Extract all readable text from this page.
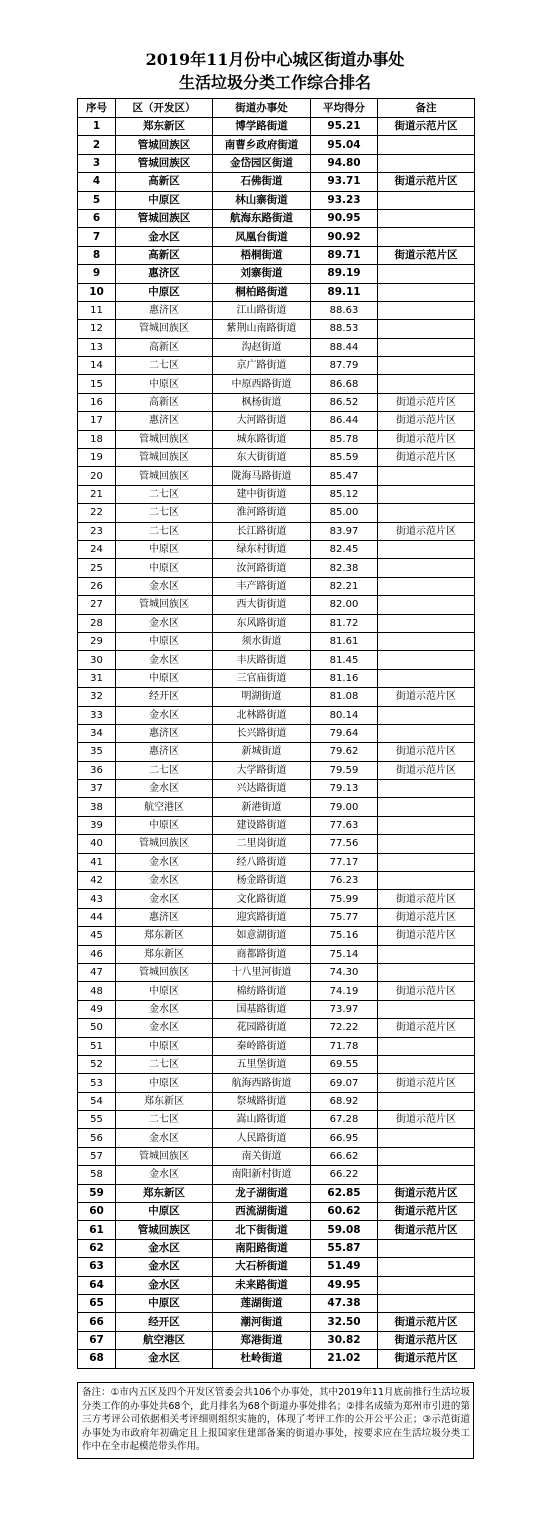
2019年11月份中心城区街道办事处
生活垃圾分类工作综合排名
序号	区（开发区）	街道办事处	平均得分	备注
1	郑东新区	博学路街道	95.21	街道示范片区
2	管城回族区	南曹乡政府街道	95.04	
3	管城回族区	金岱园区街道	94.80	
4	高新区	石佛街道	93.71	街道示范片区
5	中原区	林山寨街道	93.23	
6	管城回族区	航海东路街道	90.95	
7	金水区	凤凰台街道	90.92	
8	高新区	梧桐街道	89.71	街道示范片区
9	惠济区	刘寨街道	89.19	
10	中原区	桐柏路街道	89.11	
11	惠济区	江山路街道	88.63	
12	管城回族区	紫荆山南路街道	88.53	
13	高新区	沟赵街道	88.44	
14	二七区	京广路街道	87.79	
15	中原区	中原西路街道	86.68	
16	高新区	枫杨街道	86.52	街道示范片区
17	惠济区	大河路街道	86.44	街道示范片区
18	管城回族区	城东路街道	85.78	街道示范片区
19	管城回族区	东大街街道	85.59	街道示范片区
20	管城回族区	陇海马路街道	85.47	
21	二七区	建中街街道	85.12	
22	二七区	淮河路街道	85.00	
23	二七区	长江路街道	83.97	街道示范片区
24	中原区	绿东村街道	82.45	
25	中原区	汝河路街道	82.38	
26	金水区	丰产路街道	82.21	
27	管城回族区	西大街街道	82.00	
28	金水区	东风路街道	81.72	
29	中原区	须水街道	81.61	
30	金水区	丰庆路街道	81.45	
31	中原区	三官庙街道	81.16	
32	经开区	明湖街道	81.08	街道示范片区
33	金水区	北林路街道	80.14	
34	惠济区	长兴路街道	79.64	
35	惠济区	新城街道	79.62	街道示范片区
36	二七区	大学路街道	79.59	街道示范片区
37	金水区	兴达路街道	79.13	
38	航空港区	新港街道	79.00	
39	中原区	建设路街道	77.63	
40	管城回族区	二里岗街道	77.56	
41	金水区	经八路街道	77.17	
42	金水区	杨金路街道	76.23	
43	金水区	文化路街道	75.99	街道示范片区
44	惠济区	迎宾路街道	75.77	街道示范片区
45	郑东新区	如意湖街道	75.16	街道示范片区
46	郑东新区	商都路街道	75.14	
47	管城回族区	十八里河街道	74.30	
48	中原区	棉纺路街道	74.19	街道示范片区
49	金水区	国基路街道	73.97	
50	金水区	花园路街道	72.22	街道示范片区
51	中原区	秦岭路街道	71.78	
52	二七区	五里堡街道	69.55	
53	中原区	航海西路街道	69.07	街道示范片区
54	郑东新区	祭城路街道	68.92	
55	二七区	嵩山路街道	67.28	街道示范片区
56	金水区	人民路街道	66.95	
57	管城回族区	南关街道	66.62	
58	金水区	南阳新村街道	66.22	
59	郑东新区	龙子湖街道	62.85	街道示范片区
60	中原区	西流湖街道	60.62	街道示范片区
61	管城回族区	北下街街道	59.08	街道示范片区
62	金水区	南阳路街道	55.87	
63	金水区	大石桥街道	51.49	
64	金水区	未来路街道	49.95	
65	中原区	莲湖街道	47.38	
66	经开区	潮河街道	32.50	街道示范片区
67	航空港区	郑港街道	30.82	街道示范片区
68	金水区	杜岭街道	21.02	街道示范片区
备注：①市内五区及四个开发区管委会共106个办事处，其中2019年11月底前推行生活垃圾分类工作的办事处共68个，此月排名为68个街道办事处排名；②排名成绩为郑州市引进的第三方考评公司依据相关考评细则组织实施的，体现了考评工作的公开公平公正；③示范街道办事处为市政府年初确定且上报国家住建部备案的街道办事处，按要求应在生活垃圾分类工作中在全市起模范带头作用。
